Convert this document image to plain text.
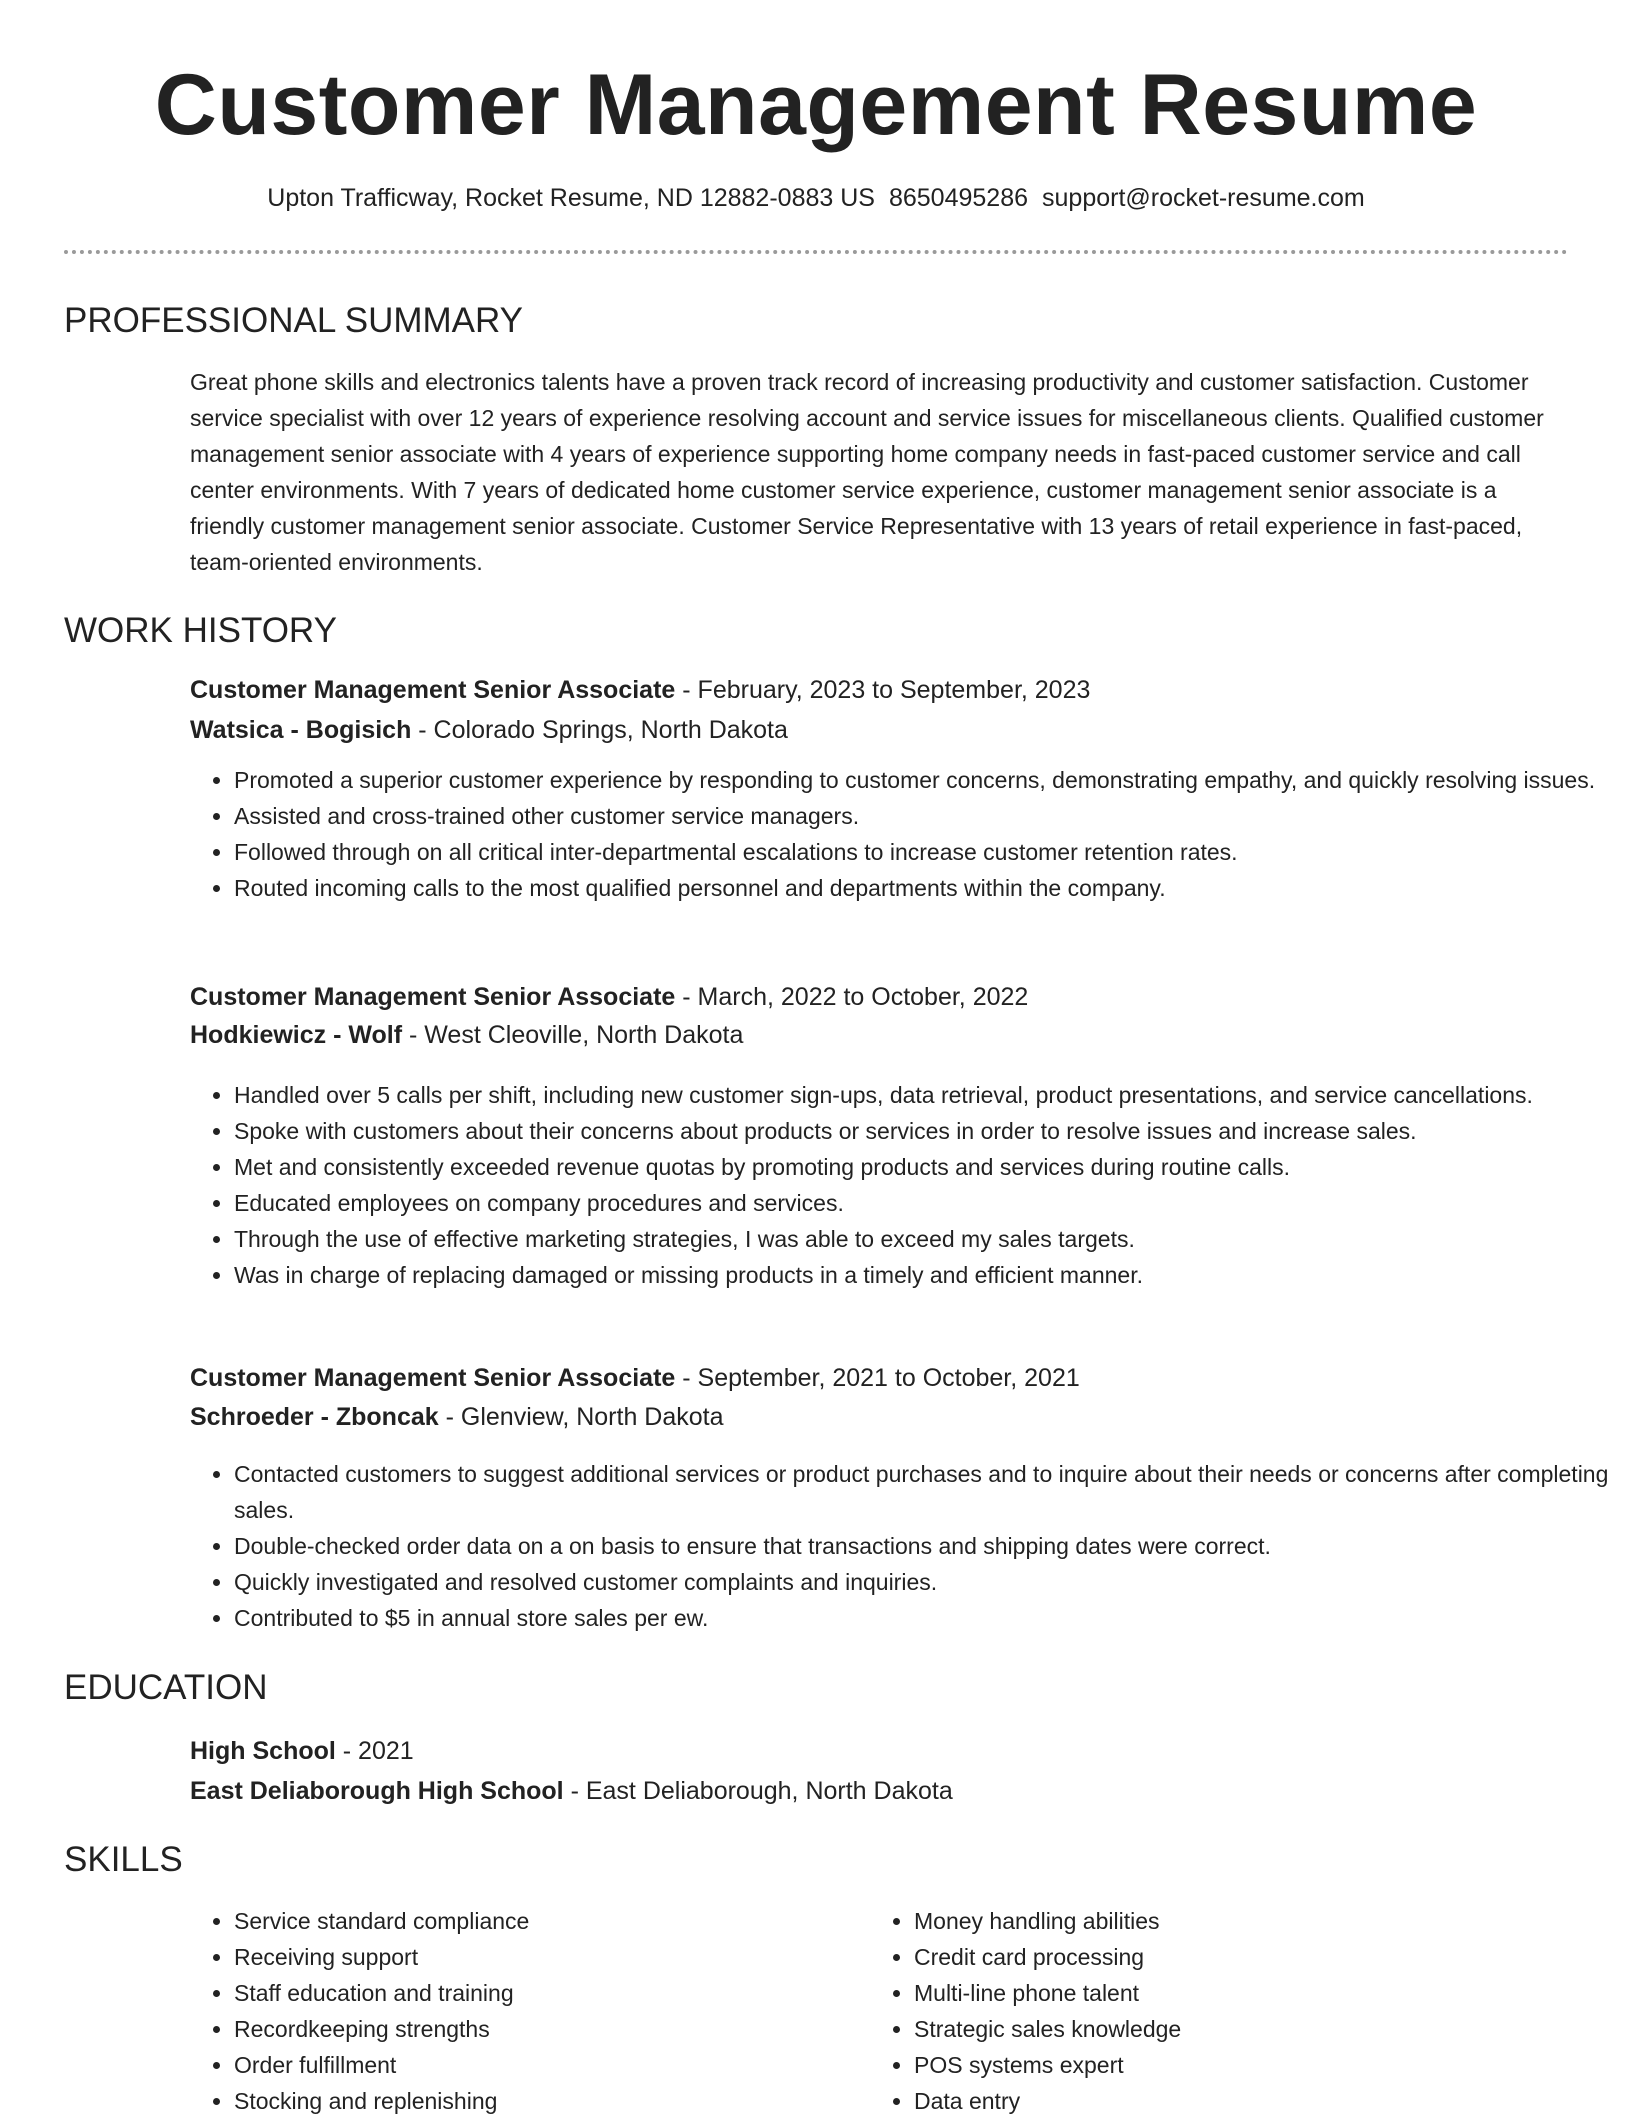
Customer Management Resume
Upton Trafficway, Rocket Resume, ND 12882-0883 US 8650495286 support@rocket-resume.com
PROFESSIONAL SUMMARY

Great phone skills and electronics talents have a proven track record of increasing productivity and customer satisfaction. Customer service specialist with over 12 years of experience resolving account and service issues for miscellaneous clients. Qualified customer management senior associate with 4 years of experience supporting home company needs in fast-paced customer service and call center environments. With 7 years of dedicated home customer service experience, customer management senior associate is a friendly customer management senior associate. Customer Service Representative with 13 years of retail experience in fast-paced, team-oriented environments.

WORK HISTORY
Customer Management Senior Associate - February, 2023 to September, 2023
Watsica - Bogisich - Colorado Springs, North Dakota
• Promoted a superior customer experience by responding to customer concerns, demonstrating empathy, and quickly resolving issues.
• Assisted and cross-trained other customer service managers.
• Followed through on all critical inter-departmental escalations to increase customer retention rates.
• Routed incoming calls to the most qualified personnel and departments within the company.
Customer Management Senior Associate - March, 2022 to October, 2022
Hodkiewicz - Wolf - West Cleoville, North Dakota
• Handled over 5 calls per shift, including new customer sign-ups, data retrieval, product presentations, and service cancellations.
• Spoke with customers about their concerns about products or services in order to resolve issues and increase sales.
• Met and consistently exceeded revenue quotas by promoting products and services during routine calls.
• Educated employees on company procedures and services.
• Through the use of effective marketing strategies, I was able to exceed my sales targets.
• Was in charge of replacing damaged or missing products in a timely and efficient manner.
Customer Management Senior Associate - September, 2021 to October, 2021
Schroeder - Zboncak - Glenview, North Dakota
• Contacted customers to suggest additional services or product purchases and to inquire about their needs or concerns after completing sales.
• Double-checked order data on a on basis to ensure that transactions and shipping dates were correct.
• Quickly investigated and resolved customer complaints and inquiries.
• Contributed to $5 in annual store sales per ew.
EDUCATION
High School - 2021
East Deliaborough High School - East Deliaborough, North Dakota
SKILLS
• Service standard compliance
• Receiving support
• Staff education and training
• Recordkeeping strengths
• Order fulfillment
• Stocking and replenishing
• Money handling abilities
• Credit card processing
• Multi-line phone talent
• Strategic sales knowledge
• POS systems expert
• Data entry
